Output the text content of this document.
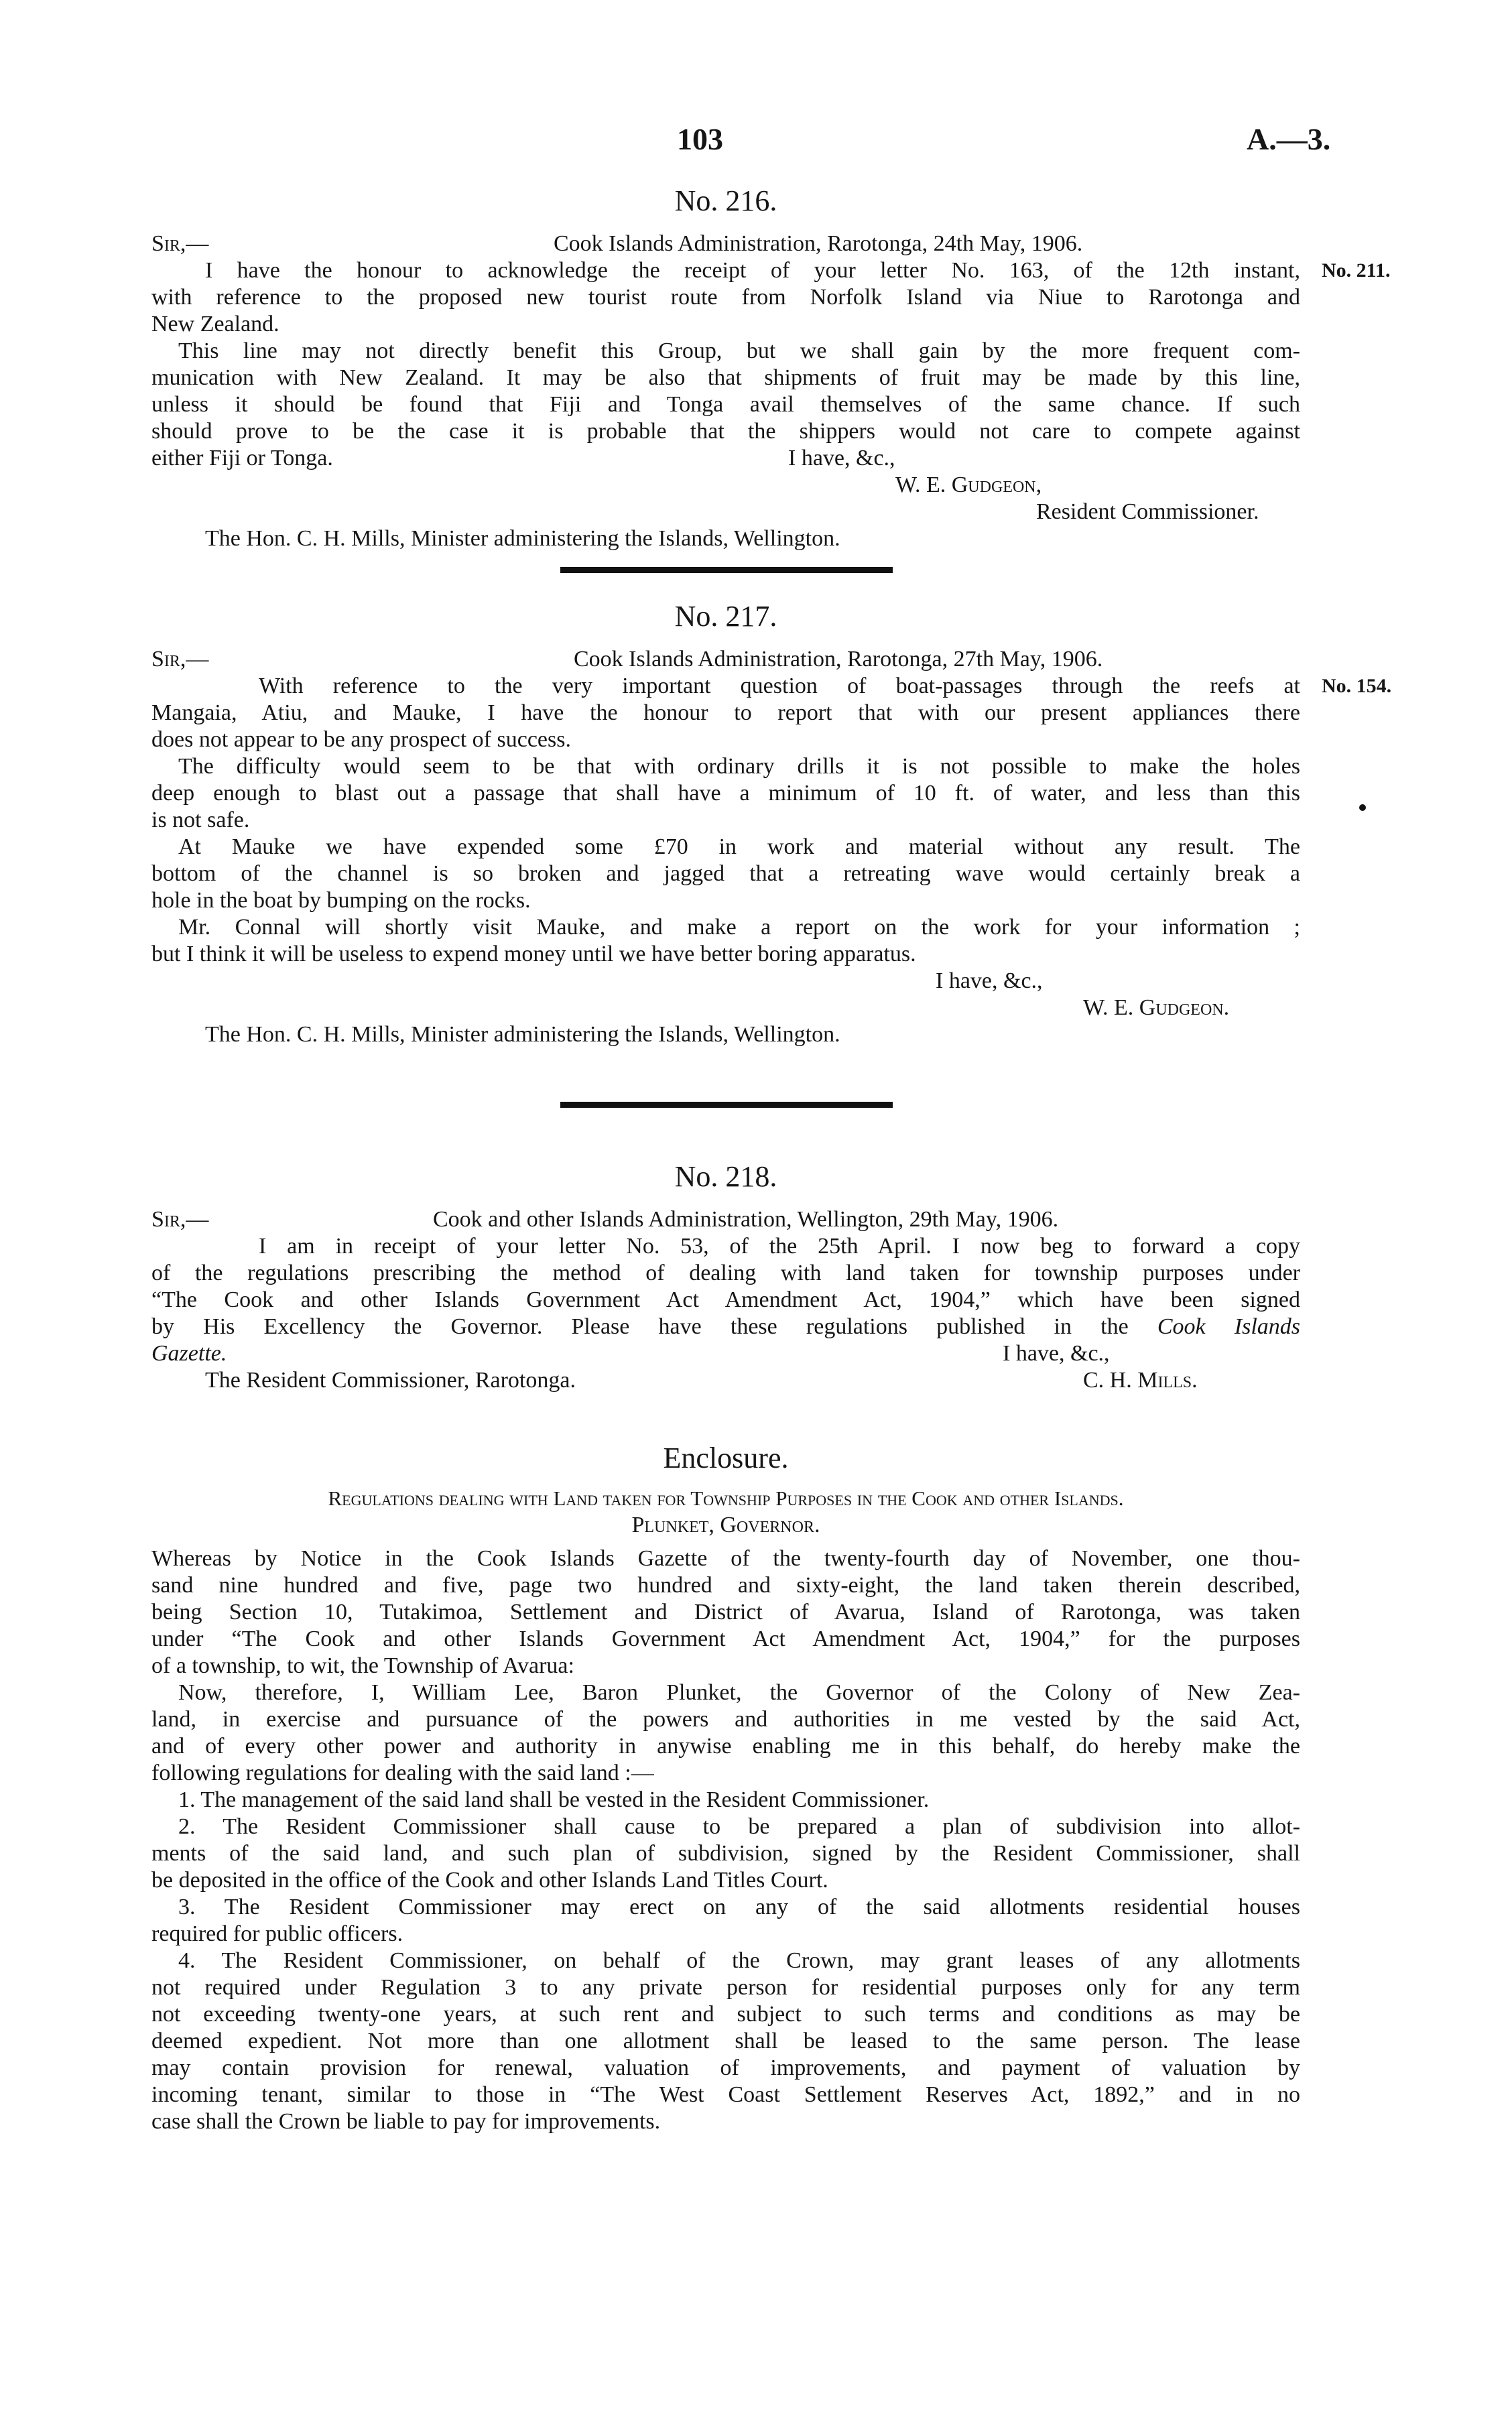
103	A.—3.
No. 216.
Sir,—	Cook Islands Administration, Rarotonga, 24th May, 1906.
I have the honour to acknowledge the receipt of your letter No. 163, of the 12th instant,
with reference to the proposed new tourist route from Norfolk Island via Niue to Rarotonga and
New Zealand.
This line may not directly benefit this Group, but we shall gain by the more frequent com-
munication with New Zealand. It may be also that shipments of fruit may be made by this line,
unless it should be found that Fiji and Tonga avail themselves of the same chance. If such
should prove to be the case it is probable that the shippers would not care to compete against
either Fiji or Tonga.	I have, &c.,
W. E. Gudgeon,
Resident Commissioner.
The Hon. C. H. Mills, Minister administering the Islands, Wellington.
No. 211.
No. 217.
Sir,—	Cook Islands Administration, Rarotonga, 27th May, 1906.
With reference to the very important question of boat-passages through the reefs at
Mangaia, Atiu, and Mauke, I have the honour to report that with our present appliances there
does not appear to be any prospect of success.
The difficulty would seem to be that with ordinary drills it is not possible to make the holes
deep enough to blast out a passage that shall have a minimum of 10 ft. of water, and less than this
is not safe.
At Mauke we have expended some £70 in work and material without any result. The
bottom of the channel is so broken and jagged that a retreating wave would certainly break a
hole in the boat by bumping on the rocks.
Mr. Connal will shortly visit Mauke, and make a report on the work for your information ;
but I think it will be useless to expend money until we have better boring apparatus.
I have, &c.,
W. E. Gudgeon.
The Hon. C. H. Mills, Minister administering the Islands, Wellington.
No. 154.
No. 218.
Sir,—	Cook and other Islands Administration, Wellington, 29th May, 1906.
I am in receipt of your letter No. 53, of the 25th April. I now beg to forward a copy
of the regulations prescribing the method of dealing with land taken for township purposes under
“The Cook and other Islands Government Act Amendment Act, 1904,” which have been signed
by His Excellency the Governor. Please have these regulations published in the Cook Islands
Gazette.	I have, &c.,
The Resident Commissioner, Rarotonga.	C. H. Mills.
Enclosure.
Regulations dealing with Land taken for Township Purposes in the Cook and other Islands.
Plunket, Governor.
Whereas by Notice in the Cook Islands Gazette of the twenty-fourth day of November, one thou-
sand nine hundred and five, page two hundred and sixty-eight, the land taken therein described,
being Section 10, Tutakimoa, Settlement and District of Avarua, Island of Rarotonga, was taken
under “The Cook and other Islands Government Act Amendment Act, 1904,” for the purposes
of a township, to wit, the Township of Avarua:
Now, therefore, I, William Lee, Baron Plunket, the Governor of the Colony of New Zea-
land, in exercise and pursuance of the powers and authorities in me vested by the said Act,
and of every other power and authority in anywise enabling me in this behalf, do hereby make the
following regulations for dealing with the said land :—
1. The management of the said land shall be vested in the Resident Commissioner.
2. The Resident Commissioner shall cause to be prepared a plan of subdivision into allot-
ments of the said land, and such plan of subdivision, signed by the Resident Commissioner, shall
be deposited in the office of the Cook and other Islands Land Titles Court.
3. The Resident Commissioner may erect on any of the said allotments residential houses
required for public officers.
4. The Resident Commissioner, on behalf of the Crown, may grant leases of any allotments
not required under Regulation 3 to any private person for residential purposes only for any term
not exceeding twenty-one years, at such rent and subject to such terms and conditions as may be
deemed expedient. Not more than one allotment shall be leased to the same person. The lease
may contain provision for renewal, valuation of improvements, and payment of valuation by
incoming tenant, similar to those in “The West Coast Settlement Reserves Act, 1892,” and in no
case shall the Crown be liable to pay for improvements.
